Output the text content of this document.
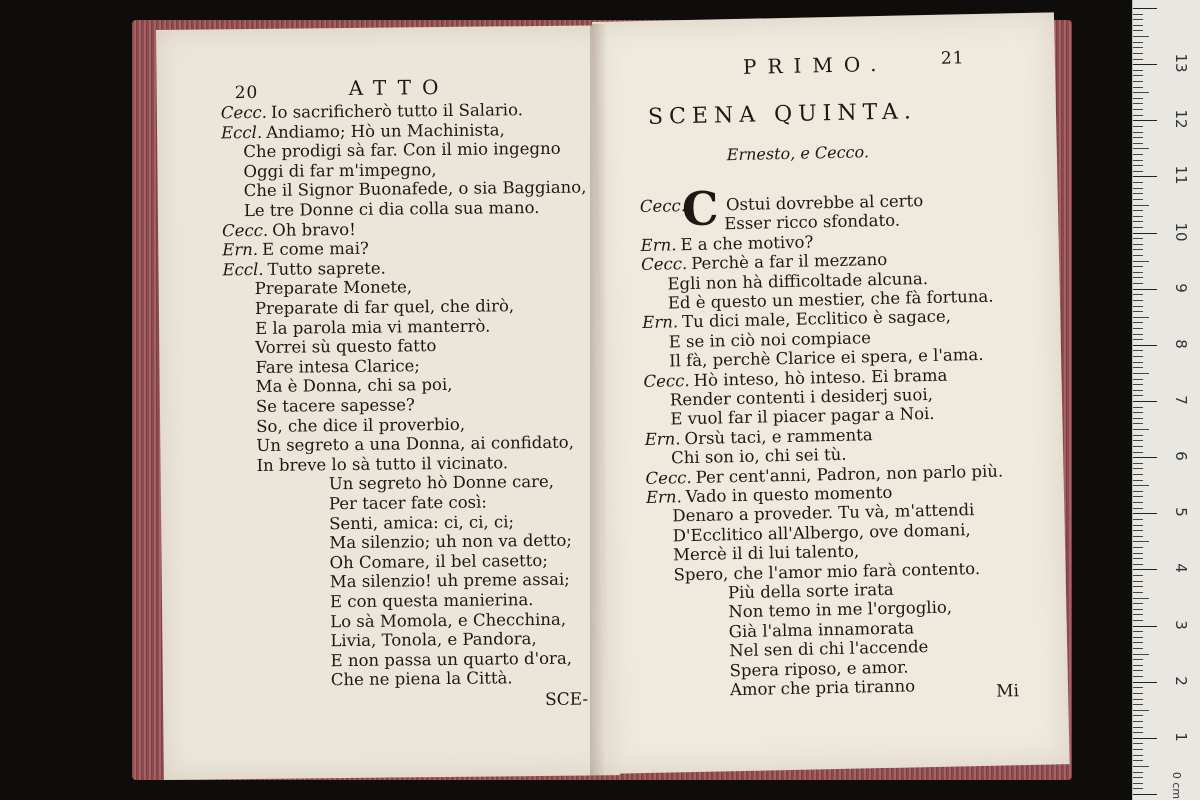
20	ATTO
Cecc. Io sacrificherò tutto il Salario.
Eccl. Andiamo; Hò un Machinista,
Che prodigi sà far. Con il mio ingegno
Oggi di far m'impegno,
Che il Signor Buonafede, o sia Baggiano,
Le tre Donne ci dia colla sua mano.
Cecc. Oh bravo!
Ern. E come mai?
Eccl. Tutto saprete.
Preparate Monete,
Preparate di far quel, che dirò,
E la parola mia vi manterrò.
Vorrei sù questo fatto
Fare intesa Clarice;
Ma è Donna, chi sa poi,
Se tacere sapesse?
So, che dice il proverbio,
Un segreto a una Donna, ai confidato,
In breve lo sà tutto il vicinato.
Un segreto hò Donne care,
Per tacer fate così:
Senti, amica: ci, ci, ci;
Ma silenzio; uh non va detto;
Oh Comare, il bel casetto;
Ma silenzio! uh preme assai;
E con questa manierina.
Lo sà Momola, e Checchina,
Livia, Tonola, e Pandora,
E non passa un quarto d'ora,
Che ne piena la Città.
SCE-
PRIMO.	21
SCENA QUINTA.
Ernesto, e Cecco.
C
Cecc. Ostui dovrebbe al certo
Esser ricco sfondato.
Ern. E a che motivo?
Cecc. Perchè a far il mezzano
Egli non hà difficoltade alcuna.
Ed è questo un mestier, che fà fortuna.
Ern. Tu dici male, Ecclitico è sagace,
E se in ciò noi compiace
Il fà, perchè Clarice ei spera, e l'ama.
Cecc. Hò inteso, hò inteso. Ei brama
Render contenti i desiderj suoi,
E vuol far il piacer pagar a Noi.
Ern. Orsù taci, e rammenta
Chi son io, chi sei tù.
Cecc. Per cent'anni, Padron, non parlo più.
Ern. Vado in questo momento
Denaro a proveder. Tu và, m'attendi
D'Ecclitico all'Albergo, ove domani,
Mercè il di lui talento,
Spero, che l'amor mio farà contento.
Più della sorte irata
Non temo in me l'orgoglio,
Già l'alma innamorata
Nel sen di chi l'accende
Spera riposo, e amor.
Amor che pria tiranno	Mi
13
12
11
10
9
8
7
6
5
4
3
2
1
0 cm
